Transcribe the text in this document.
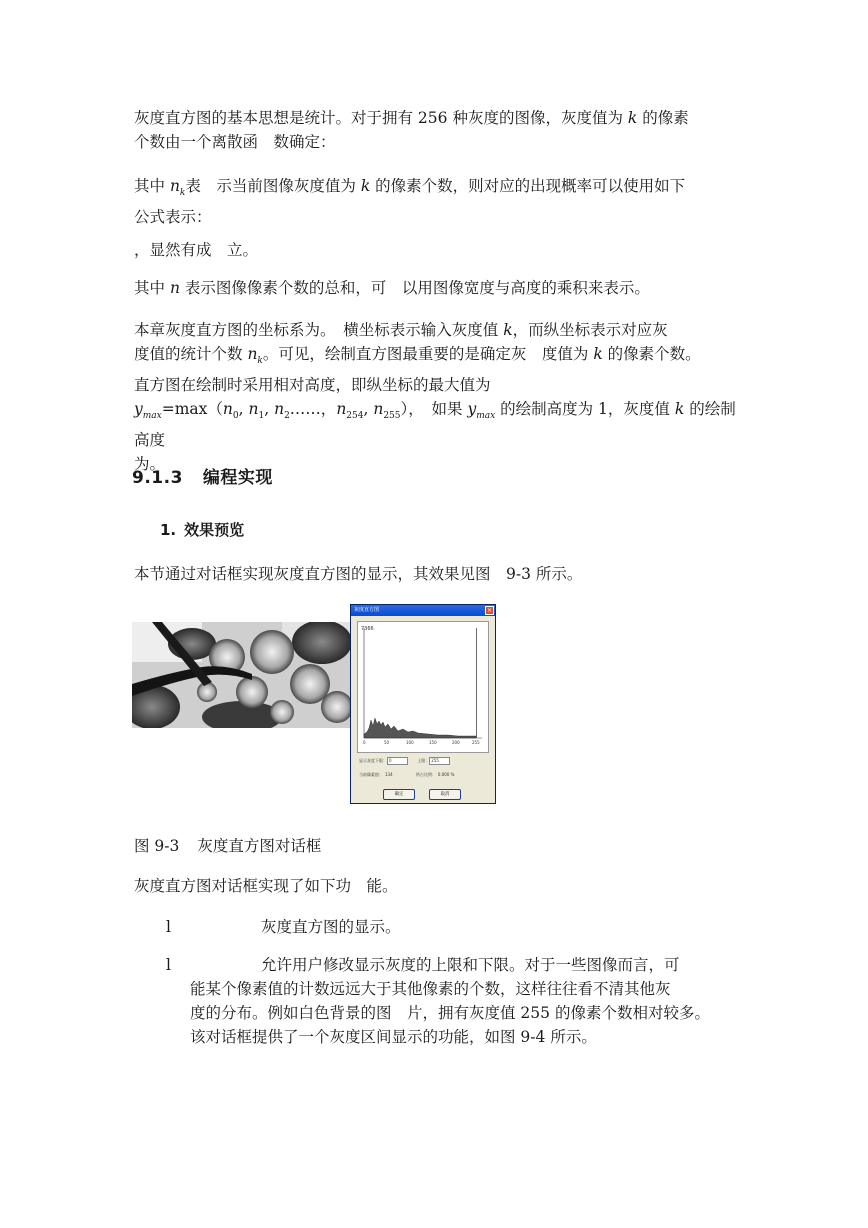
灰度直方图的基本思想是统计。对于拥有 256 种灰度的图像，灰度值为 k 的像素
个数由一个离散函　数确定：

其中 $n_k$表　示当前图像灰度值为 k 的像素个数，则对应的出现概率可以使用如下
公式表示：

，显然有成　立。

其中 n 表示图像像素个数的总和，可　以用图像宽度与高度的乘积来表示。

本章灰度直方图的坐标系为。　横坐标表示输入灰度值 k，而纵坐标表示对应灰
度值的统计个数 $n_k$。可见，绘制直方图最重要的是确定灰　度值为 k 的像素个数。
直方图在绘制时采用相对高度，即纵坐标的最大值为
$y_{max}=\max(n_0$, $n_1$, $n_2\dots\dots$，$n_{254}$, $n_{255}$），　如果 $y_{max}$ 的绘制高度为 1，灰度值 k 的绘制高度
为。

9.1.3 编程实现
1. 效果预览

本节通过对话框实现灰度直方图的显示，其效果见图　9-3 所示。

灰度直方图	×
7366
0	50	100	150	200	255
显示灰度下限： 0	上限： 255
当前像素值： 134	所占比例： 0.000 %
确定	取消

图 9-3 灰度直方图对话框

灰度直方图对话框实现了如下功　能。

l	灰度直方图的显示。
l	允许用户修改显示灰度的上限和下限。对于一些图像而言，可

能某个像素值的计数远远大于其他像素的个数，这样往往看不清其他灰
度的分布。例如白色背景的图　片，拥有灰度值 255 的像素个数相对较多。
该对话框提供了一个灰度区间显示的功能，如图 9-4 所示。
